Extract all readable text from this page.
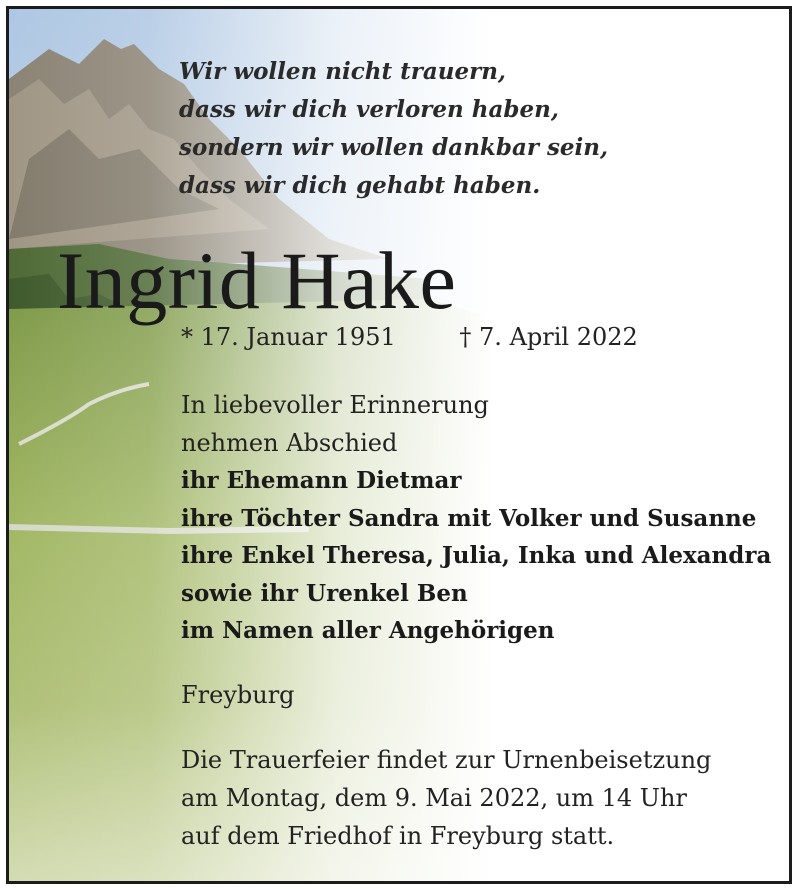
Wir wollen nicht trauern,
dass wir dich verloren haben,
sondern wir wollen dankbar sein,
dass wir dich gehabt haben.
Ingrid Hake
* 17. Januar 1951	† 7. April 2022
In liebevoller Erinnerung
nehmen Abschied
ihr Ehemann Dietmar
ihre Töchter Sandra mit Volker und Susanne
ihre Enkel Theresa, Julia, Inka und Alexandra
sowie ihr Urenkel Ben
im Namen aller Angehörigen
Freyburg
Die Trauerfeier findet zur Urnenbeisetzung
am Montag, dem 9. Mai 2022, um 14 Uhr
auf dem Friedhof in Freyburg statt.
